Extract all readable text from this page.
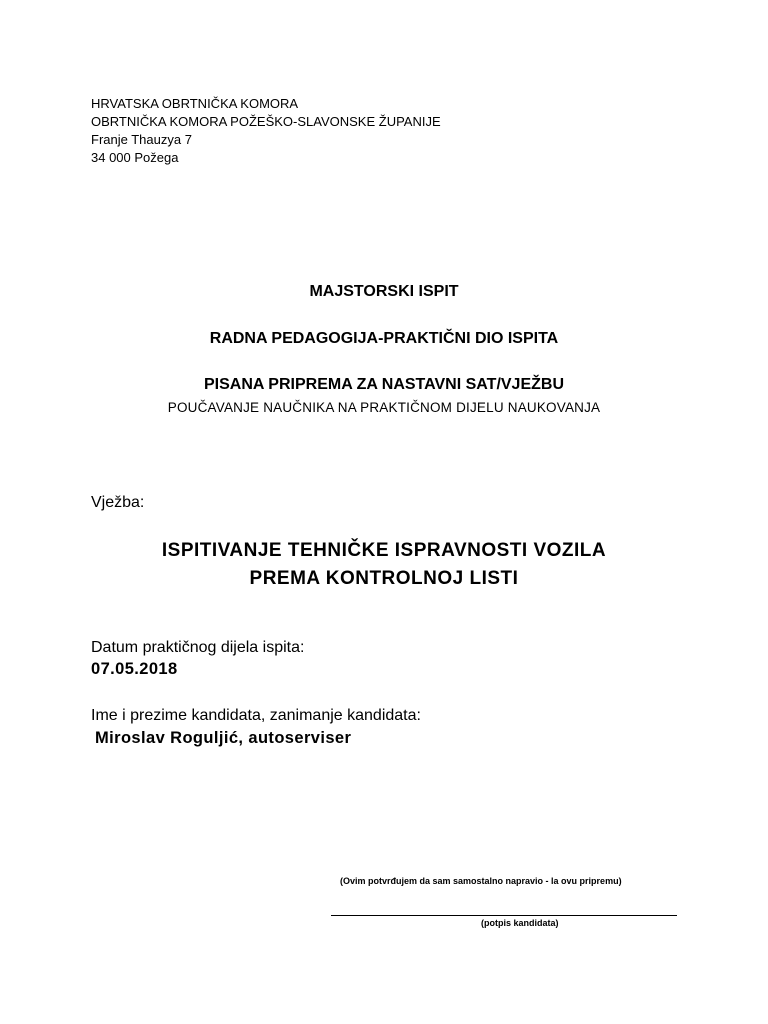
HRVATSKA OBRTNIČKA KOMORA
OBRTNIČKA KOMORA POŽEŠKO-SLAVONSKE ŽUPANIJE
Franje Thauzya 7
34 000 Požega
MAJSTORSKI ISPIT
RADNA PEDAGOGIJA-PRAKTIČNI DIO ISPITA
PISANA PRIPREMA ZA NASTAVNI SAT/VJEŽBU
POUČAVANJE NAUČNIKA NA PRAKTIČNOM DIJELU NAUKOVANJA
Vježba:
ISPITIVANJE TEHNIČKE ISPRAVNOSTI VOZILA
PREMA KONTROLNOJ LISTI
Datum praktičnog dijela ispita:
07.05.2018
Ime i prezime kandidata, zanimanje kandidata:
Miroslav Roguljić, autoserviser
(Ovim potvrđujem da sam samostalno napravio - la ovu pripremu)
(potpis kandidata)
